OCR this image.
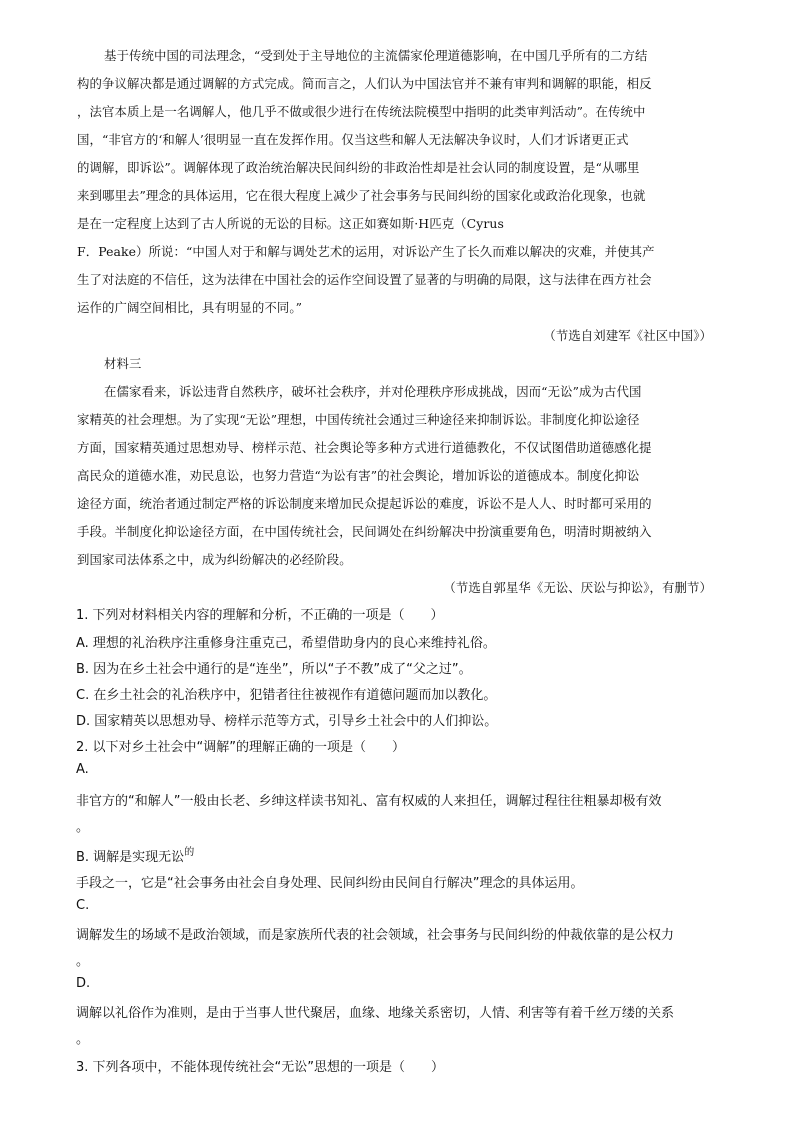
基于传统中国的司法理念，“受到处于主导地位的主流儒家伦理道德影响，在中国几乎所有的二方结

构的争议解决都是通过调解的方式完成。简而言之，人们认为中国法官并不兼有审判和调解的职能，相反

，法官本质上是一名调解人，他几乎不做或很少进行在传统法院模型中指明的此类审判活动”。在传统中

国，“非官方的‘和解人’很明显一直在发挥作用。仅当这些和解人无法解决争议时，人们才诉诸更正式

的调解，即诉讼”。调解体现了政治统治解决民间纠纷的非政治性却是社会认同的制度设置，是“从哪里

来到哪里去”理念的具体运用，它在很大程度上减少了社会事务与民间纠纷的国家化或政治化现象，也就

是在一定程度上达到了古人所说的无讼的目标。这正如赛如斯·H匹克（Cyrus

F．Peake）所说：“中国人对于和解与调处艺术的运用，对诉讼产生了长久而难以解决的灾难，并使其产

生了对法庭的不信任，这为法律在中国社会的运作空间设置了显著的与明确的局限，这与法律在西方社会

运作的广阔空间相比，具有明显的不同。”

（节选自刘建军《社区中国》）

材料三

在儒家看来，诉讼违背自然秩序，破坏社会秩序，并对伦理秩序形成挑战，因而“无讼”成为古代国

家精英的社会理想。为了实现“无讼”理想，中国传统社会通过三种途径来抑制诉讼。非制度化抑讼途径

方面，国家精英通过思想劝导、榜样示范、社会舆论等多种方式进行道德教化，不仅试图借助道德感化提

高民众的道德水准，劝民息讼，也努力营造“为讼有害”的社会舆论，增加诉讼的道德成本。制度化抑讼

途径方面，统治者通过制定严格的诉讼制度来增加民众提起诉讼的难度，诉讼不是人人、时时都可采用的

手段。半制度化抑讼途径方面，在中国传统社会，民间调处在纠纷解决中扮演重要角色，明清时期被纳入

到国家司法体系之中，成为纠纷解决的必经阶段。

（节选自郭星华《无讼、厌讼与抑讼》，有删节）

1. 下列对材料相关内容的理解和分析，不正确的一项是（　　）

A. 理想的礼治秩序注重修身注重克己，希望借助身内的良心来维持礼俗。

B. 因为在乡土社会中通行的是“连坐”，所以“子不教”成了“父之过”。

C. 在乡土社会的礼治秩序中，犯错者往往被视作有道德问题而加以教化。

D. 国家精英以思想劝导、榜样示范等方式，引导乡土社会中的人们抑讼。

2. 以下对乡土社会中“调解”的理解正确的一项是（　　）

A.

非官方的“和解人”一般由长老、乡绅这样读书知礼、富有权威的人来担任，调解过程往往粗暴却极有效

。

B. 调解是实现无讼$^的$

手段之一，它是“社会事务由社会自身处理、民间纠纷由民间自行解决”理念的具体运用。

C.

调解发生的场域不是政治领域，而是家族所代表的社会领域，社会事务与民间纠纷的仲裁依靠的是公权力

。

D.

调解以礼俗作为准则，是由于当事人世代聚居，血缘、地缘关系密切，人情、利害等有着千丝万缕的关系

。

3. 下列各项中，不能体现传统社会“无讼”思想的一项是（　　）
